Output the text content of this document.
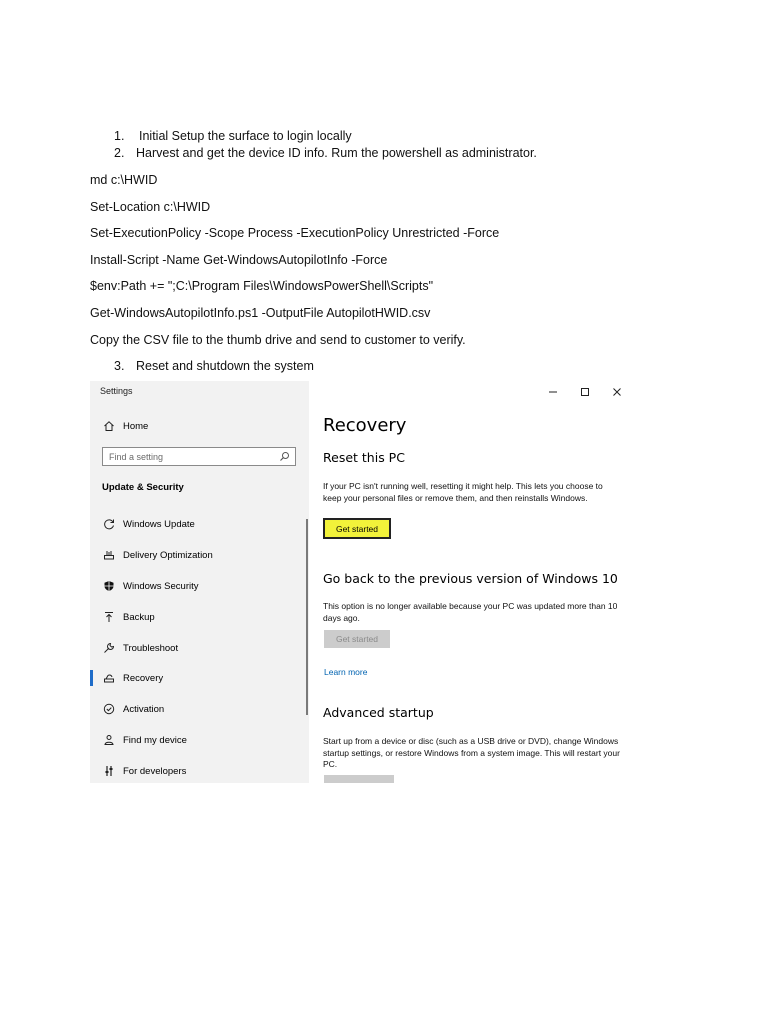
1. Initial Setup the surface to login locally
2. Harvest and get the device ID info. Rum the powershell as administrator.
md c:\HWID
Set-Location c:\HWID
Set-ExecutionPolicy -Scope Process -ExecutionPolicy Unrestricted -Force
Install-Script -Name Get-WindowsAutopilotInfo -Force
$env:Path += ";C:\Program Files\WindowsPowerShell\Scripts"
Get-WindowsAutopilotInfo.ps1 -OutputFile AutopilotHWID.csv
Copy the CSV file to the thumb drive and send to customer to verify.
3. Reset and shutdown the system
Settings
Home
Find a setting
Update & Security
Windows Update
Delivery Optimization
Windows Security
Backup
Troubleshoot
Recovery
Activation
Find my device
For developers
Recovery
Reset this PC
If your PC isn't running well, resetting it might help. This lets you choose to keep your personal files or remove them, and then reinstalls Windows.
Get started
Go back to the previous version of Windows 10
This option is no longer available because your PC was updated more than 10 days ago.
Get started
Learn more
Advanced startup
Start up from a device or disc (such as a USB drive or DVD), change Windows startup settings, or restore Windows from a system image. This will restart your PC.
